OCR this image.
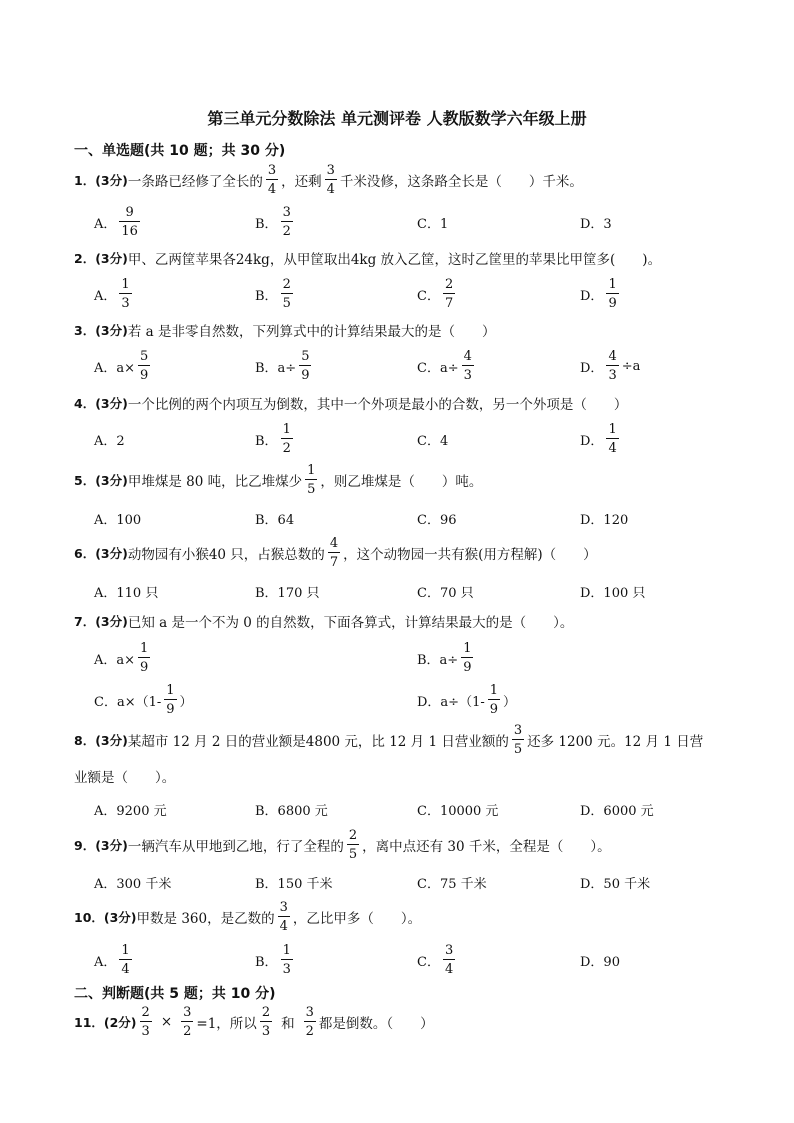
第三单元分数除法 单元测评卷 人教版数学六年级上册
一、单选题(共 10 题；共 30 分)
1．(3分) 一条路已经修了全长的 $\frac{3}{4}$ ，还剩 $\frac{3}{4}$ 千米没修，这条路全长是（　　）千米。
A． $\frac{9}{16}$	B． $\frac{3}{2}$	C．1	D．3
2．(3分) 甲、乙两筐苹果各24kg，从甲筐取出4kg 放入乙筐，这时乙筐里的苹果比甲筐多(　　)。
A． $\frac{1}{3}$	B． $\frac{2}{5}$	C． $\frac{2}{7}$	D． $\frac{1}{9}$
3．(3分) 若 a 是非零自然数，下列算式中的计算结果最大的是（　　）
A．$a\times \frac{5}{9}$	B．$a\div \frac{5}{9}$	C．$a\div \frac{4}{3}$	D． $\frac{4}{3} \div a$
4．(3分) 一个比例的两个内项互为倒数，其中一个外项是最小的合数，另一个外项是（　　）
A．2	B． $\frac{1}{2}$	C．4	D． $\frac{1}{4}$
5．(3分) 甲堆煤是 80 吨，比乙堆煤少 $\frac{1}{5}$ ，则乙堆煤是（　　）吨。
A．100	B．64	C．96	D．120
6．(3分) 动物园有小猴40 只，占猴总数的 $\frac{4}{7}$ ，这个动物园一共有猴(用方程解)（　　）
A．110 只	B．170 只	C．70 只	D．100 只
7．(3分) 已知 a 是一个不为 0 的自然数，下面各算式，计算结果最大的是（　　）。
A．$a\times \frac{1}{9}$	B．$a\div \frac{1}{9}$
C．$a\times(1- \frac{1}{9}$ ）	D．$a\div(1- \frac{1}{9}$ ）
8．(3分) 某超市 12 月 2 日的营业额是4800 元，比 12 月 1 日营业额的 $\frac{3}{5}$ 还多 1200 元。12 月 1 日营
业额是（　　）。
A．9200 元	B．6800 元	C．10000 元	D．6000 元
9．(3分) 一辆汽车从甲地到乙地，行了全程的 $\frac{2}{5}$ ，离中点还有 30 千米，全程是（　　）。
A．300 千米	B．150 千米	C．75 千米	D．50 千米
10．(3分) 甲数是 360，是乙数的 $\frac{3}{4}$ ，乙比甲多（　　）。
A． $\frac{1}{4}$	B． $\frac{1}{3}$	C． $\frac{3}{4}$	D．90
二、判断题(共 5 题；共 10 分)
11．(2分) $\frac{2}{3} \times \frac{3}{2} =1$，所以 $\frac{2}{3}$ 和 $\frac{3}{2}$ 都是倒数。（　　）
